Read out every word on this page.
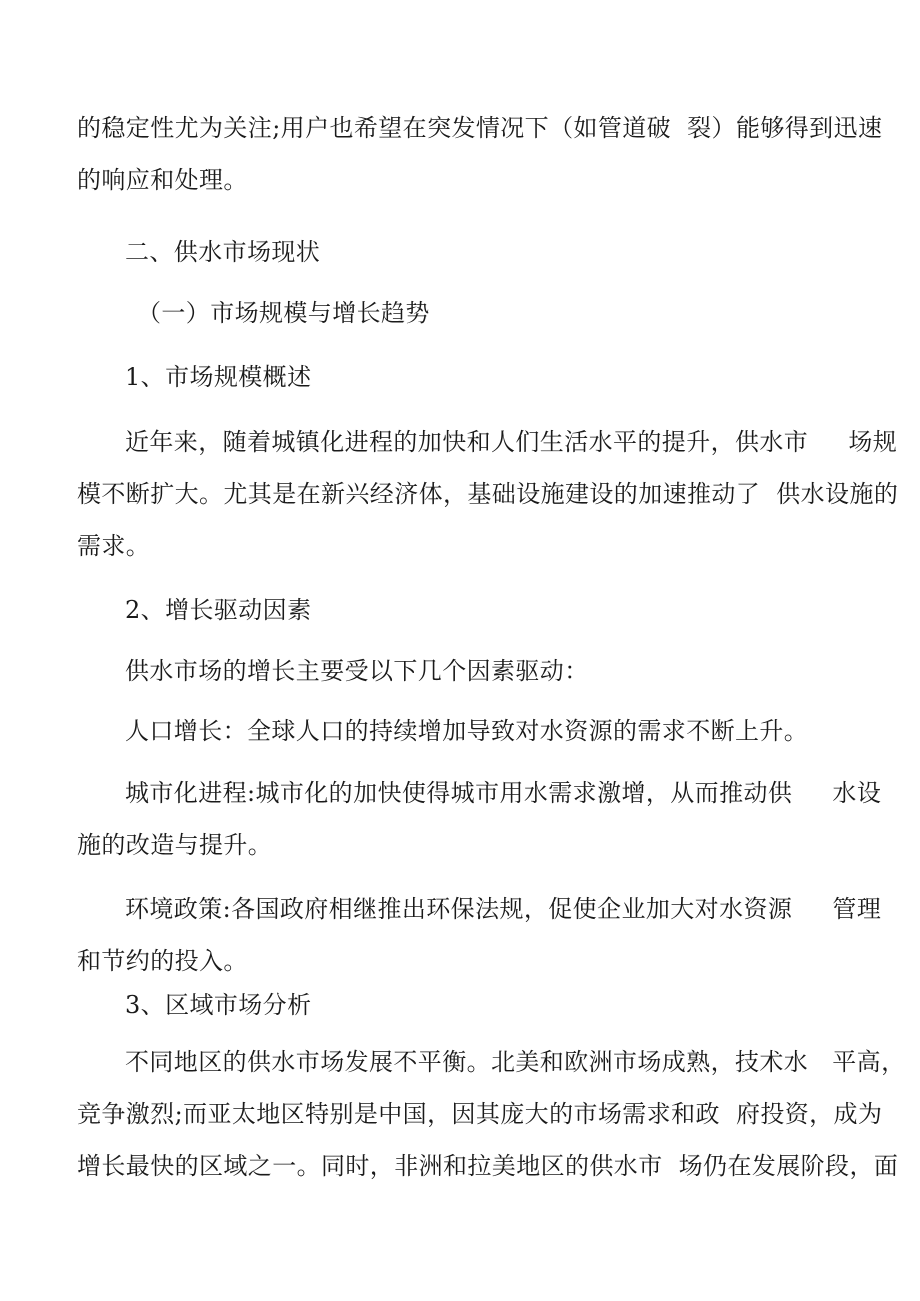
的稳定性尤为关注;用户也希望在突发情况下（如管道破  裂）能够得到迅速
的响应和处理。
二、供水市场现状
（一）市场规模与增长趋势
1、市场规模概述
近年来，随着城镇化进程的加快和人们生活水平的提升，供水市     场规
模不断扩大。尤其是在新兴经济体，基础设施建设的加速推动了  供水设施的
需求。
2、增长驱动因素
供水市场的增长主要受以下几个因素驱动：
人口增长：全球人口的持续增加导致对水资源的需求不断上升。
城市化进程:城市化的加快使得城市用水需求激增，从而推动供     水设
施的改造与提升。
环境政策:各国政府相继推出环保法规，促使企业加大对水资源     管理
和节约的投入。
3、区域市场分析
不同地区的供水市场发展不平衡。北美和欧洲市场成熟，技术水   平高，
竞争激烈;而亚太地区特别是中国，因其庞大的市场需求和政  府投资，成为
增长最快的区域之一。同时，非洲和拉美地区的供水市  场仍在发展阶段，面
